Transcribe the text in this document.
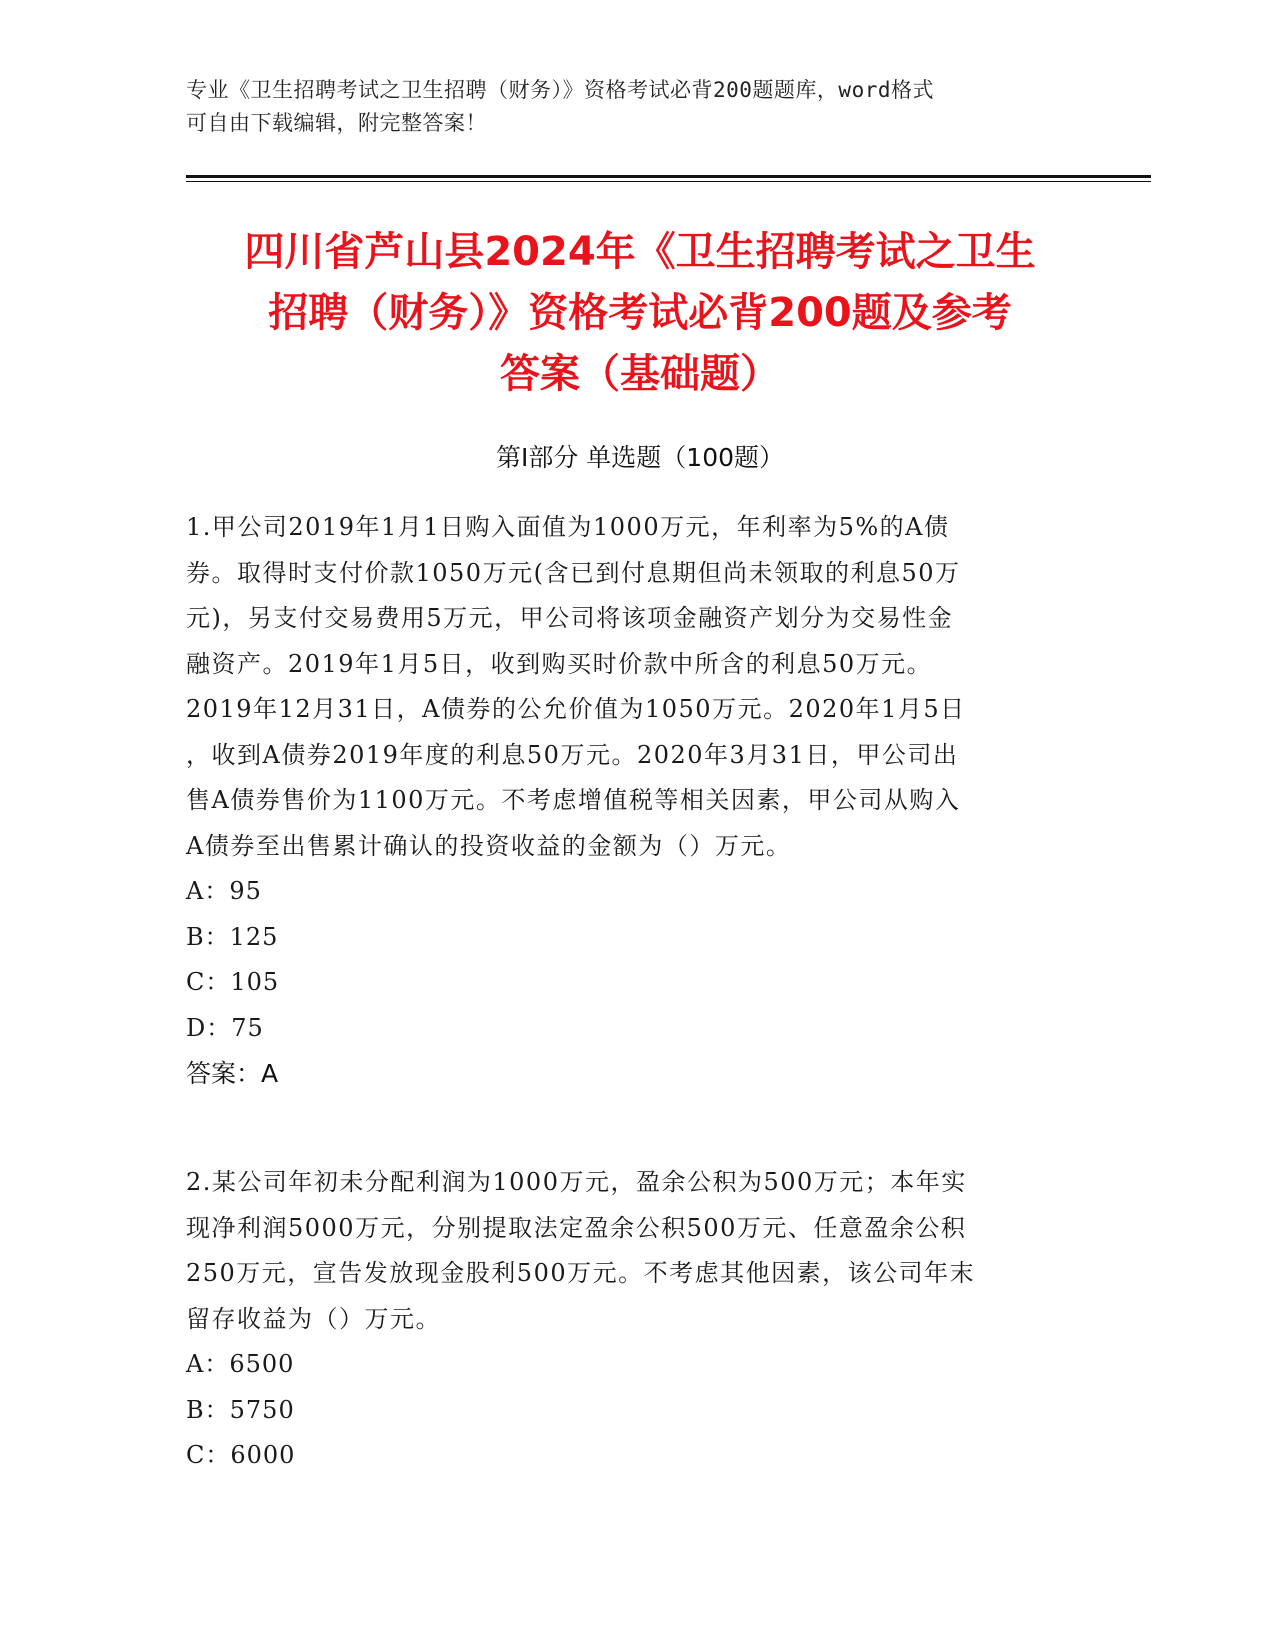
专业《卫生招聘考试之卫生招聘（财务）》资格考试必背200题题库，word格式
可自由下载编辑，附完整答案！
四川省芦山县2024年《卫生招聘考试之卫生
招聘（财务）》资格考试必背200题及参考
答案（基础题）
第Ⅰ部分 单选题（100题）
1.甲公司2019年1月1日购入面值为1000万元，年利率为5%的A债
券。取得时支付价款1050万元(含已到付息期但尚未领取的利息50万
元)，另支付交易费用5万元，甲公司将该项金融资产划分为交易性金
融资产。2019年1月5日，收到购买时价款中所含的利息50万元。
2019年12月31日，A债券的公允价值为1050万元。2020年1月5日
，收到A债券2019年度的利息50万元。2020年3月31日，甲公司出
售A债券售价为1100万元。不考虑增值税等相关因素，甲公司从购入
A债券至出售累计确认的投资收益的金额为（）万元。
A：95
B：125
C：105
D：75
答案：A
2.某公司年初未分配利润为1000万元，盈余公积为500万元；本年实
现净利润5000万元，分别提取法定盈余公积500万元、任意盈余公积
250万元，宣告发放现金股利500万元。不考虑其他因素，该公司年末
留存收益为（）万元。
A：6500
B：5750
C：6000
